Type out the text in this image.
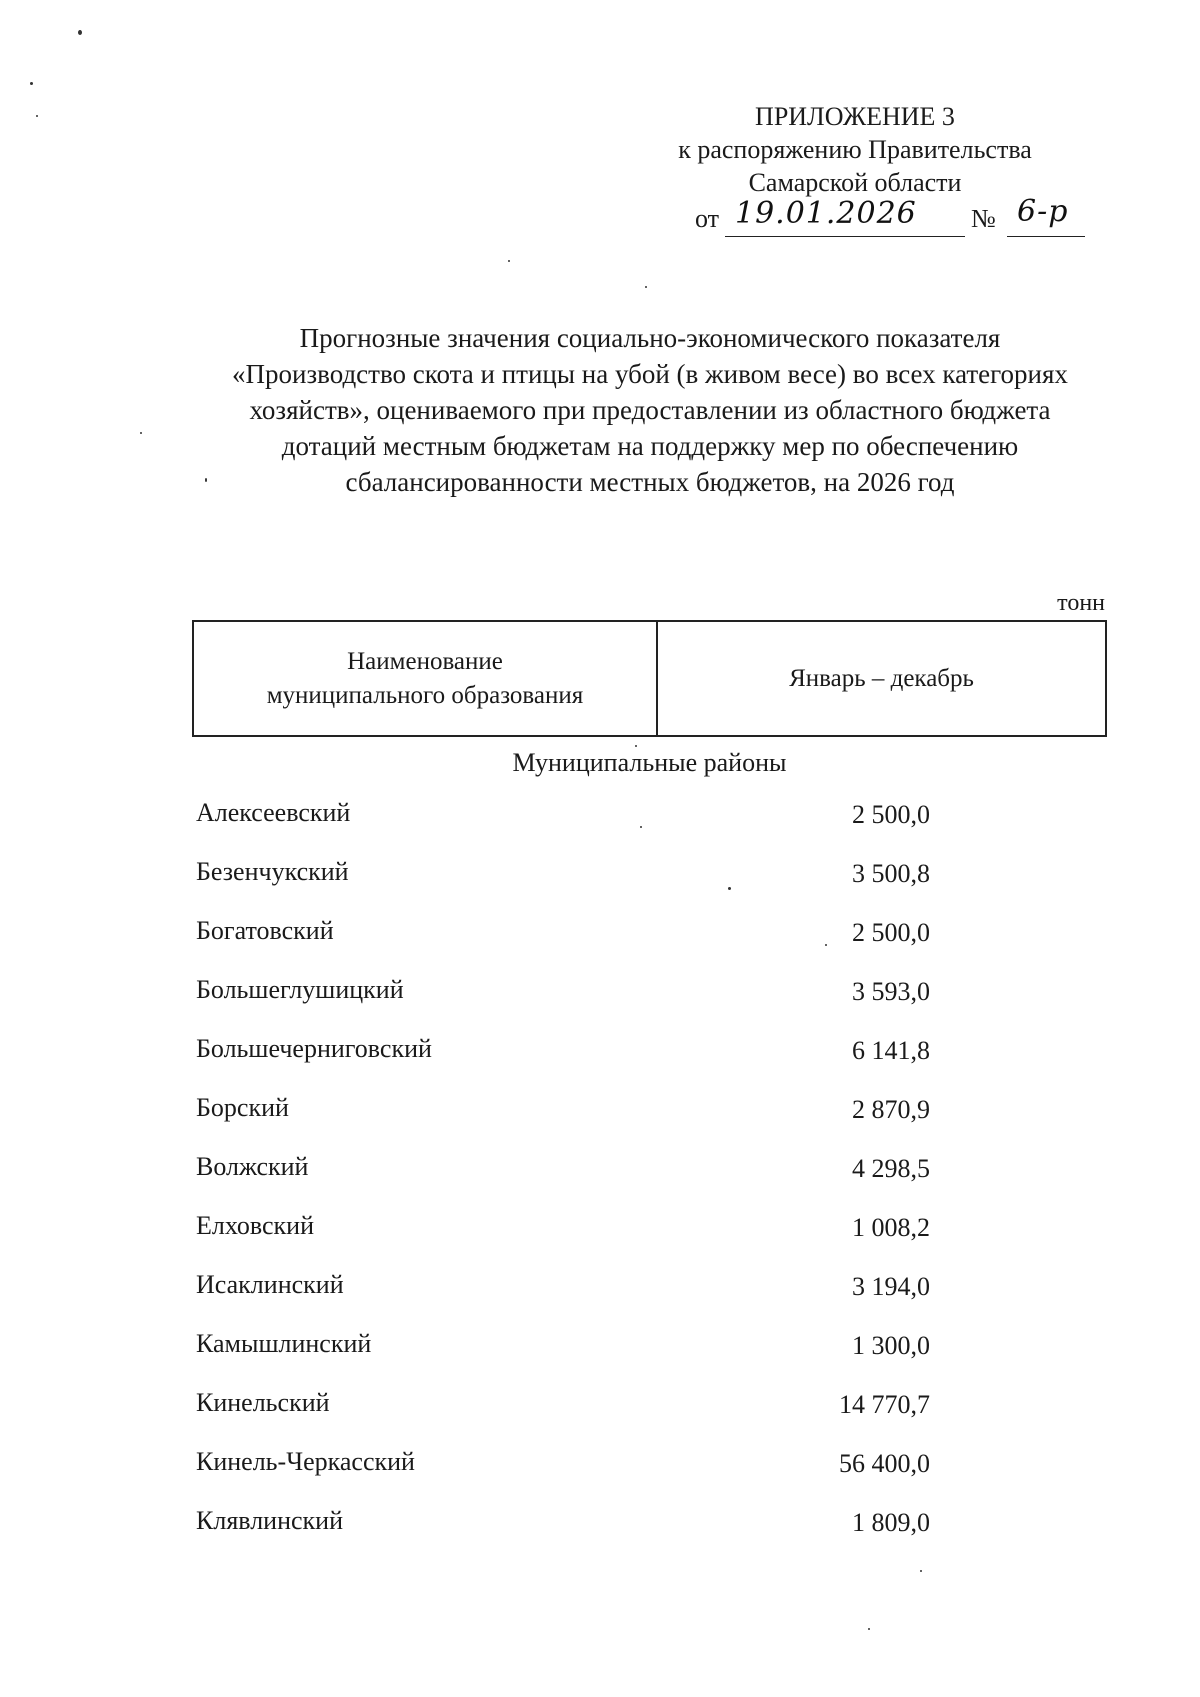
ПРИЛОЖЕНИЕ 3
к распоряжению Правительства
Самарской области
от 19.01.2026 № 6-р
Прогнозные значения социально-экономического показателя
«Производство скота и птицы на убой (в живом весе) во всех категориях
хозяйств», оцениваемого при предоставлении из областного бюджета
дотаций местным бюджетам на поддержку мер по обеспечению
сбалансированности местных бюджетов, на 2026 год
тонн
Наименование
муниципального образования	Январь – декабрь
Муниципальные районы
Алексеевский	2 500,0
Безенчукский	3 500,8
Богатовский	2 500,0
Большеглушицкий	3 593,0
Большечерниговский	6 141,8
Борский	2 870,9
Волжский	4 298,5
Елховский	1 008,2
Исаклинский	3 194,0
Камышлинский	1 300,0
Кинельский	14 770,7
Кинель-Черкасский	56 400,0
Клявлинский	1 809,0
